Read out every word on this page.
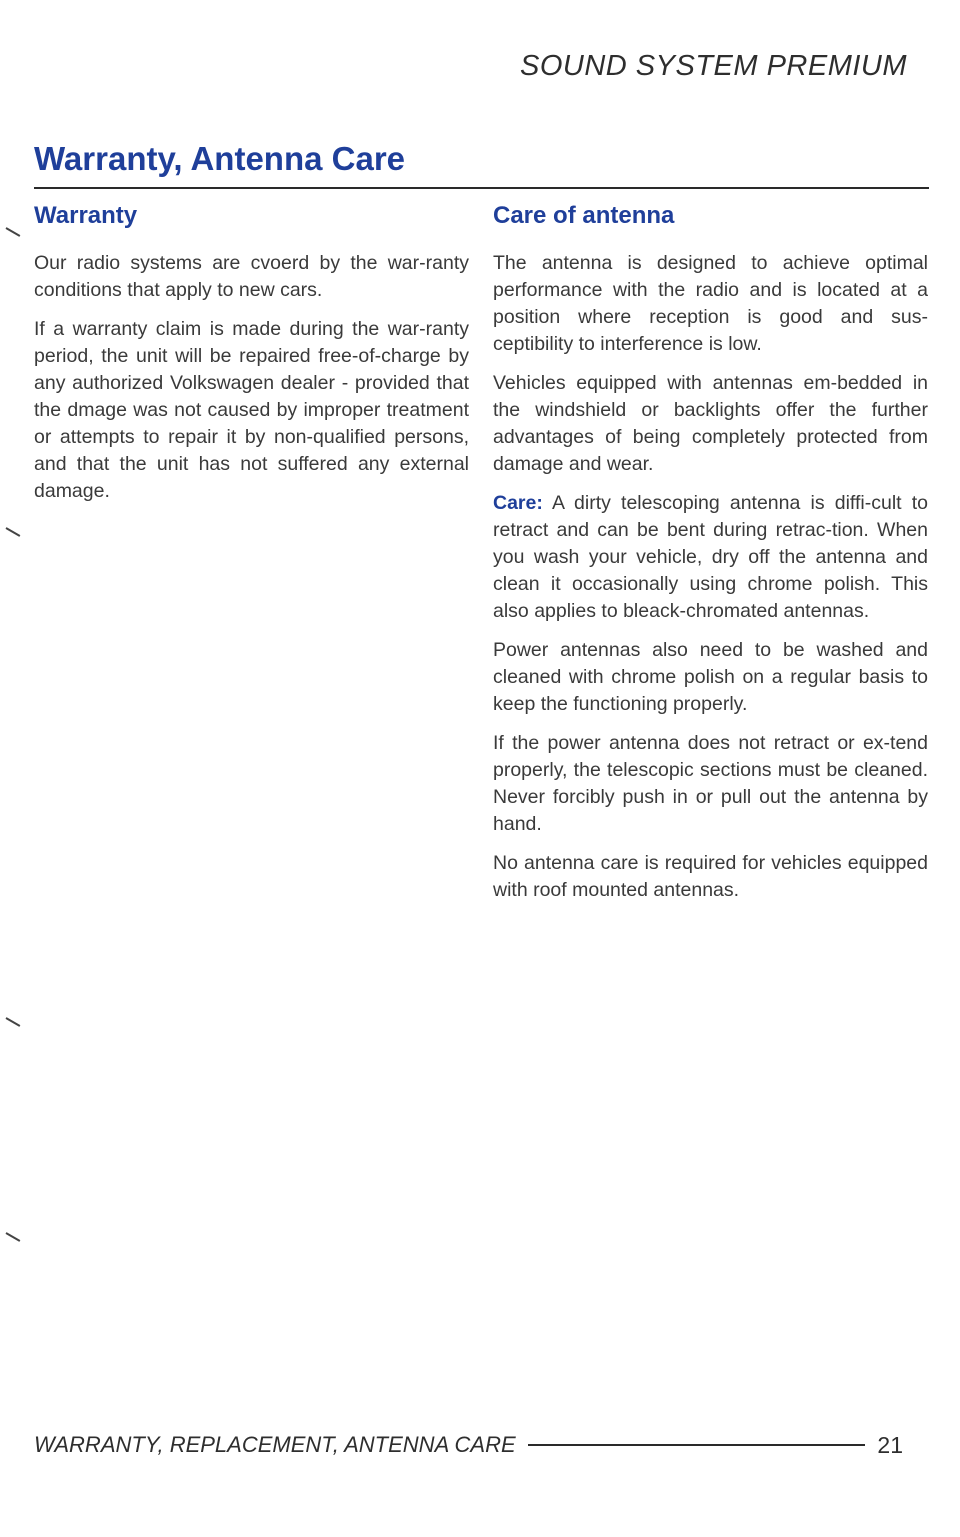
SOUND SYSTEM PREMIUM
Warranty, Antenna Care
Warranty

Our radio systems are cvoerd by the war-ranty conditions that apply to new cars.

If a warranty claim is made during the war-ranty period, the unit will be repaired free-of-charge by any authorized Volkswagen dealer - provided that the dmage was not caused by improper treatment or attempts to repair it by non-qualified persons, and that the unit has not suffered any external damage.

Care of antenna

The antenna is designed to achieve optimal performance with the radio and is located at a position where reception is good and sus-ceptibility to interference is low.

Vehicles equipped with antennas em-bedded in the windshield or backlights offer the further advantages of being completely protected from damage and wear.

Care: A dirty telescoping antenna is diffi-cult to retract and can be bent during retrac-tion. When you wash your vehicle, dry off the antenna and clean it occasionally using chrome polish. This also applies to bleack-chromated antennas.

Power antennas also need to be washed and cleaned with chrome polish on a regular basis to keep the functioning properly.

If the power antenna does not retract or ex-tend properly, the telescopic sections must be cleaned. Never forcibly push in or pull out the antenna by hand.

No antenna care is required for vehicles equipped with roof mounted antennas.

WARRANTY, REPLACEMENT, ANTENNA CARE	21
